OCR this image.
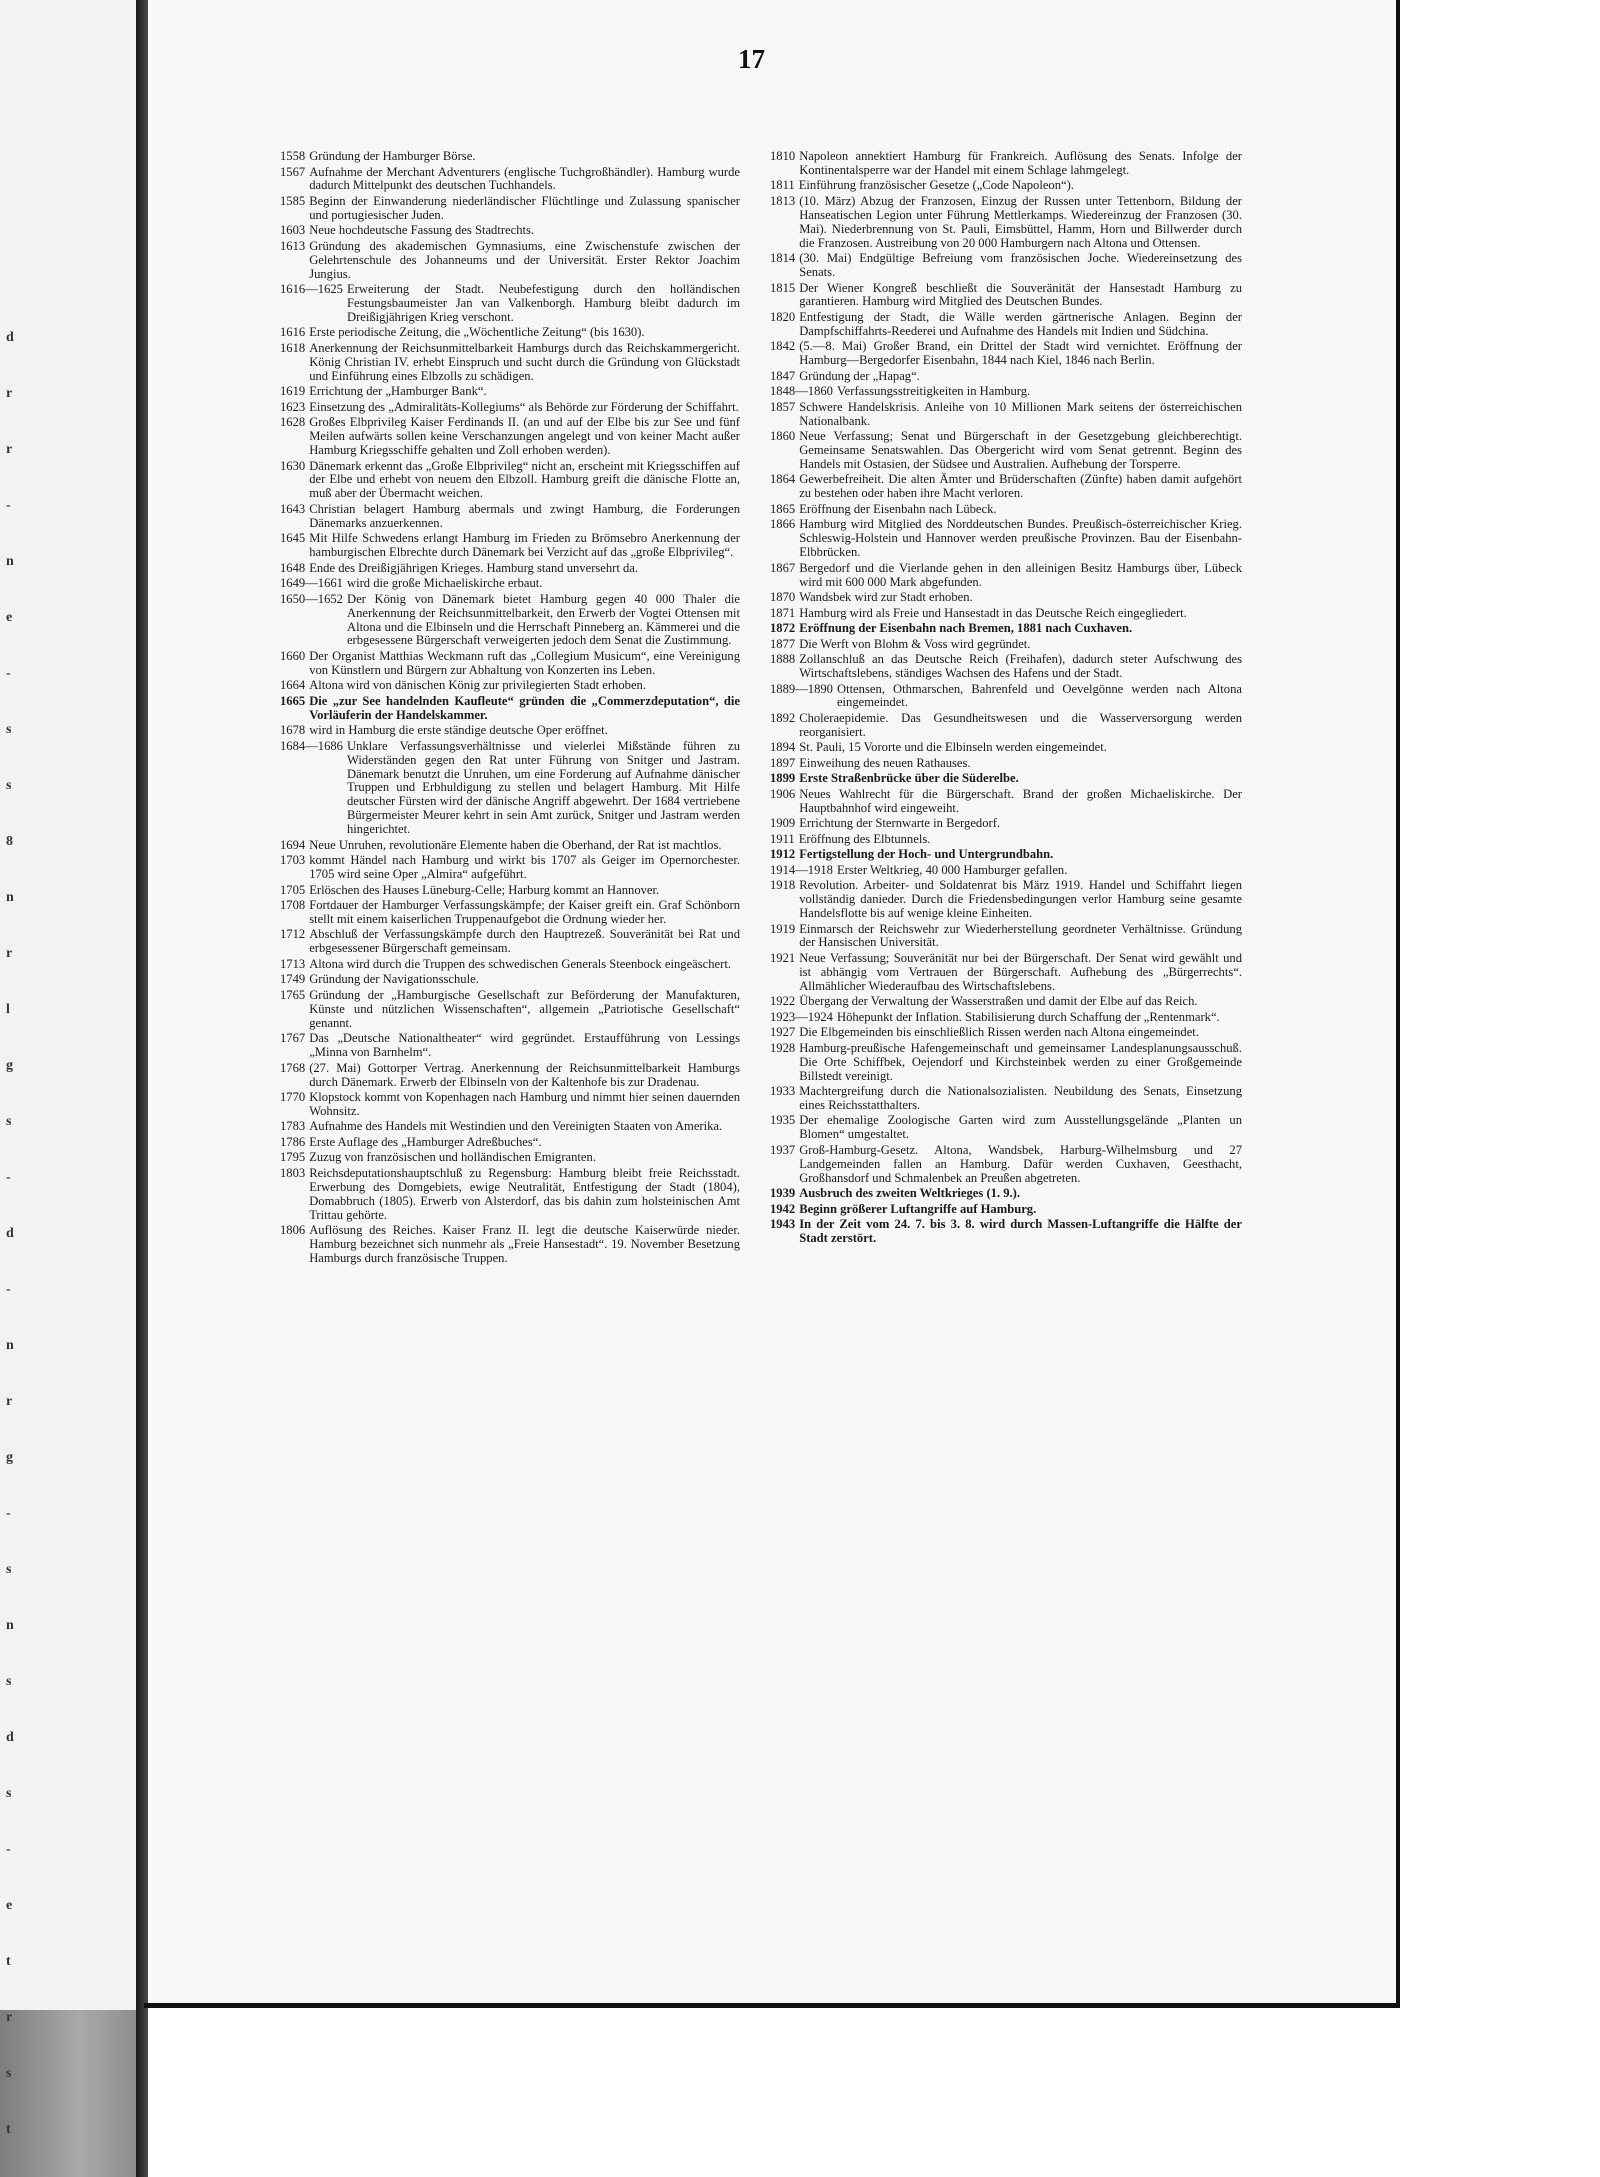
d
r
r
-
n
e
-
s
s
8
n
r
l
g
s
-
d
-
n
r
g
-
s
n
s
d
s
-
e
t
r
s
t
17
1558 Gründung der Hamburger Börse.
1567 Aufnahme der Merchant Adventurers (englische Tuchgroßhändler). Hamburg wurde dadurch Mittelpunkt des deutschen Tuchhandels.
1585 Beginn der Einwanderung niederländischer Flüchtlinge und Zulassung spanischer und portugiesischer Juden.
1603 Neue hochdeutsche Fassung des Stadtrechts.
1613 Gründung des akademischen Gymnasiums, eine Zwischenstufe zwischen der Gelehrtenschule des Johanneums und der Universität. Erster Rektor Joachim Jungius.
1616—1625 Erweiterung der Stadt. Neubefestigung durch den holländischen Festungsbaumeister Jan van Valkenborgh. Hamburg bleibt dadurch im Dreißigjährigen Krieg verschont.
1616 Erste periodische Zeitung, die „Wöchentliche Zeitung“ (bis 1630).
1618 Anerkennung der Reichsunmittelbarkeit Hamburgs durch das Reichskammergericht. König Christian IV. erhebt Einspruch und sucht durch die Gründung von Glückstadt und Einführung eines Elbzolls zu schädigen.
1619 Errichtung der „Hamburger Bank“.
1623 Einsetzung des „Admiralitäts-Kollegiums“ als Behörde zur Förderung der Schiffahrt.
1628 Großes Elbprivileg Kaiser Ferdinands II. (an und auf der Elbe bis zur See und fünf Meilen aufwärts sollen keine Verschanzungen angelegt und von keiner Macht außer Hamburg Kriegsschiffe gehalten und Zoll erhoben werden).
1630 Dänemark erkennt das „Große Elbprivileg“ nicht an, erscheint mit Kriegsschiffen auf der Elbe und erhebt von neuem den Elbzoll. Hamburg greift die dänische Flotte an, muß aber der Übermacht weichen.
1643 Christian belagert Hamburg abermals und zwingt Hamburg, die Forderungen Dänemarks anzuerkennen.
1645 Mit Hilfe Schwedens erlangt Hamburg im Frieden zu Brömsebro Anerkennung der hamburgischen Elbrechte durch Dänemark bei Verzicht auf das „große Elbprivileg“.
1648 Ende des Dreißigjährigen Krieges. Hamburg stand unversehrt da.
1649—1661 wird die große Michaeliskirche erbaut.
1650—1652 Der König von Dänemark bietet Hamburg gegen 40 000 Thaler die Anerkennung der Reichsunmittelbarkeit, den Erwerb der Vogtei Ottensen mit Altona und die Elbinseln und die Herrschaft Pinneberg an. Kämmerei und die erbgesessene Bürgerschaft verweigerten jedoch dem Senat die Zustimmung.
1660 Der Organist Matthias Weckmann ruft das „Collegium Musicum“, eine Vereinigung von Künstlern und Bürgern zur Abhaltung von Konzerten ins Leben.
1664 Altona wird von dänischen König zur privilegierten Stadt erhoben.
1665 Die „zur See handelnden Kaufleute“ gründen die „Commerzdeputation“, die Vorläuferin der Handelskammer.
1678 wird in Hamburg die erste ständige deutsche Oper eröffnet.
1684—1686 Unklare Verfassungsverhältnisse und vielerlei Mißstände führen zu Widerständen gegen den Rat unter Führung von Snitger und Jastram. Dänemark benutzt die Unruhen, um eine Forderung auf Aufnahme dänischer Truppen und Erbhuldigung zu stellen und belagert Hamburg. Mit Hilfe deutscher Fürsten wird der dänische Angriff abgewehrt. Der 1684 vertriebene Bürgermeister Meurer kehrt in sein Amt zurück, Snitger und Jastram werden hingerichtet.
1694 Neue Unruhen, revolutionäre Elemente haben die Oberhand, der Rat ist machtlos.
1703 kommt Händel nach Hamburg und wirkt bis 1707 als Geiger im Opernorchester. 1705 wird seine Oper „Almira“ aufgeführt.
1705 Erlöschen des Hauses Lüneburg-Celle; Harburg kommt an Hannover.
1708 Fortdauer der Hamburger Verfassungskämpfe; der Kaiser greift ein. Graf Schönborn stellt mit einem kaiserlichen Truppenaufgebot die Ordnung wieder her.
1712 Abschluß der Verfassungskämpfe durch den Hauptrezeß. Souveränität bei Rat und erbgesessener Bürgerschaft gemeinsam.
1713 Altona wird durch die Truppen des schwedischen Generals Steenbock eingeäschert.
1749 Gründung der Navigationsschule.
1765 Gründung der „Hamburgische Gesellschaft zur Beförderung der Manufakturen, Künste und nützlichen Wissenschaften“, allgemein „Patriotische Gesellschaft“ genannt.
1767 Das „Deutsche Nationaltheater“ wird gegründet. Erstaufführung von Lessings „Minna von Barnhelm“.
1768 (27. Mai) Gottorper Vertrag. Anerkennung der Reichsunmittelbarkeit Hamburgs durch Dänemark. Erwerb der Elbinseln von der Kaltenhofe bis zur Dradenau.
1770 Klopstock kommt von Kopenhagen nach Hamburg und nimmt hier seinen dauernden Wohnsitz.
1783 Aufnahme des Handels mit Westindien und den Vereinigten Staaten von Amerika.
1786 Erste Auflage des „Hamburger Adreßbuches“.
1795 Zuzug von französischen und holländischen Emigranten.
1803 Reichsdeputationshauptschluß zu Regensburg: Hamburg bleibt freie Reichsstadt. Erwerbung des Domgebiets, ewige Neutralität, Entfestigung der Stadt (1804), Domabbruch (1805). Erwerb von Alsterdorf, das bis dahin zum holsteinischen Amt Trittau gehörte.
1806 Auflösung des Reiches. Kaiser Franz II. legt die deutsche Kaiserwürde nieder. Hamburg bezeichnet sich nunmehr als „Freie Hansestadt“. 19. November Besetzung Hamburgs durch französische Truppen.
1810 Napoleon annektiert Hamburg für Frankreich. Auflösung des Senats. Infolge der Kontinentalsperre war der Handel mit einem Schlage lahmgelegt.
1811 Einführung französischer Gesetze („Code Napoleon“).
1813 (10. März) Abzug der Franzosen, Einzug der Russen unter Tettenborn, Bildung der Hanseatischen Legion unter Führung Mettlerkamps. Wiedereinzug der Franzosen (30. Mai). Niederbrennung von St. Pauli, Eimsbüttel, Hamm, Horn und Billwerder durch die Franzosen. Austreibung von 20 000 Hamburgern nach Altona und Ottensen.
1814 (30. Mai) Endgültige Befreiung vom französischen Joche. Wiedereinsetzung des Senats.
1815 Der Wiener Kongreß beschließt die Souveränität der Hansestadt Hamburg zu garantieren. Hamburg wird Mitglied des Deutschen Bundes.
1820 Entfestigung der Stadt, die Wälle werden gärtnerische Anlagen. Beginn der Dampfschiffahrts-Reederei und Aufnahme des Handels mit Indien und Südchina.
1842 (5.—8. Mai) Großer Brand, ein Drittel der Stadt wird vernichtet. Eröffnung der Hamburg—Bergedorfer Eisenbahn, 1844 nach Kiel, 1846 nach Berlin.
1847 Gründung der „Hapag“.
1848—1860 Verfassungsstreitigkeiten in Hamburg.
1857 Schwere Handelskrisis. Anleihe von 10 Millionen Mark seitens der österreichischen Nationalbank.
1860 Neue Verfassung; Senat und Bürgerschaft in der Gesetzgebung gleichberechtigt. Gemeinsame Senatswahlen. Das Obergericht wird vom Senat getrennt. Beginn des Handels mit Ostasien, der Südsee und Australien. Aufhebung der Torsperre.
1864 Gewerbefreiheit. Die alten Ämter und Brüderschaften (Zünfte) haben damit aufgehört zu bestehen oder haben ihre Macht verloren.
1865 Eröffnung der Eisenbahn nach Lübeck.
1866 Hamburg wird Mitglied des Norddeutschen Bundes. Preußisch-österreichischer Krieg. Schleswig-Holstein und Hannover werden preußische Provinzen. Bau der Eisenbahn-Elbbrücken.
1867 Bergedorf und die Vierlande gehen in den alleinigen Besitz Hamburgs über, Lübeck wird mit 600 000 Mark abgefunden.
1870 Wandsbek wird zur Stadt erhoben.
1871 Hamburg wird als Freie und Hansestadt in das Deutsche Reich eingegliedert.
1872 Eröffnung der Eisenbahn nach Bremen, 1881 nach Cuxhaven.
1877 Die Werft von Blohm & Voss wird gegründet.
1888 Zollanschluß an das Deutsche Reich (Freihafen), dadurch steter Aufschwung des Wirtschaftslebens, ständiges Wachsen des Hafens und der Stadt.
1889—1890 Ottensen, Othmarschen, Bahrenfeld und Oevelgönne werden nach Altona eingemeindet.
1892 Choleraepidemie. Das Gesundheitswesen und die Wasserversorgung werden reorganisiert.
1894 St. Pauli, 15 Vororte und die Elbinseln werden eingemeindet.
1897 Einweihung des neuen Rathauses.
1899 Erste Straßenbrücke über die Süderelbe.
1906 Neues Wahlrecht für die Bürgerschaft. Brand der großen Michaeliskirche. Der Hauptbahnhof wird eingeweiht.
1909 Errichtung der Sternwarte in Bergedorf.
1911 Eröffnung des Elbtunnels.
1912 Fertigstellung der Hoch- und Untergrundbahn.
1914—1918 Erster Weltkrieg, 40 000 Hamburger gefallen.
1918 Revolution. Arbeiter- und Soldatenrat bis März 1919. Handel und Schiffahrt liegen vollständig danieder. Durch die Friedensbedingungen verlor Hamburg seine gesamte Handelsflotte bis auf wenige kleine Einheiten.
1919 Einmarsch der Reichswehr zur Wiederherstellung geordneter Verhältnisse. Gründung der Hansischen Universität.
1921 Neue Verfassung; Souveränität nur bei der Bürgerschaft. Der Senat wird gewählt und ist abhängig vom Vertrauen der Bürgerschaft. Aufhebung des „Bürgerrechts“. Allmählicher Wiederaufbau des Wirtschaftslebens.
1922 Übergang der Verwaltung der Wasserstraßen und damit der Elbe auf das Reich.
1923—1924 Höhepunkt der Inflation. Stabilisierung durch Schaffung der „Rentenmark“.
1927 Die Elbgemeinden bis einschließlich Rissen werden nach Altona eingemeindet.
1928 Hamburg-preußische Hafengemeinschaft und gemeinsamer Landesplanungsausschuß. Die Orte Schiffbek, Oejendorf und Kirchsteinbek werden zu einer Großgemeinde Billstedt vereinigt.
1933 Machtergreifung durch die Nationalsozialisten. Neubildung des Senats, Einsetzung eines Reichsstatthalters.
1935 Der ehemalige Zoologische Garten wird zum Ausstellungsgelände „Planten un Blomen“ umgestaltet.
1937 Groß-Hamburg-Gesetz. Altona, Wandsbek, Harburg-Wilhelmsburg und 27 Landgemeinden fallen an Hamburg. Dafür werden Cuxhaven, Geesthacht, Großhansdorf und Schmalenbek an Preußen abgetreten.
1939 Ausbruch des zweiten Weltkrieges (1. 9.).
1942 Beginn größerer Luftangriffe auf Hamburg.
1943 In der Zeit vom 24. 7. bis 3. 8. wird durch Massen-Luftangriffe die Hälfte der Stadt zerstört.
